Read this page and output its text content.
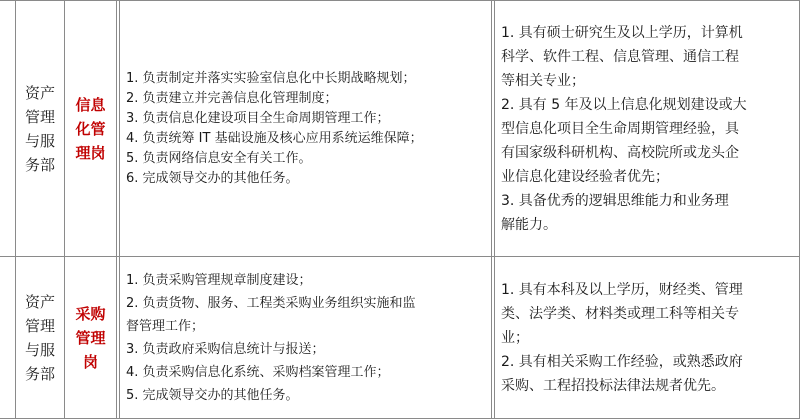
资产
管理
与服
务部
信息
化管
理岗
1. 负责制定并落实实验室信息化中长期战略规划；
2. 负责建立并完善信息化管理制度；
3. 负责信息化建设项目全生命周期管理工作；
4. 负责统筹 IT 基础设施及核心应用系统运维保障；
5. 负责网络信息安全有关工作。
6. 完成领导交办的其他任务。
1. 具有硕士研究生及以上学历，计算机
科学、软件工程、信息管理、通信工程
等相关专业；
2. 具有 5 年及以上信息化规划建设或大
型信息化项目全生命周期管理经验，具
有国家级科研机构、高校院所或龙头企
业信息化建设经验者优先；
3. 具备优秀的逻辑思维能力和业务理
解能力。
资产
管理
与服
务部
采购
管理
岗
1. 负责采购管理规章制度建设；
2. 负责货物、服务、工程类采购业务组织实施和监
督管理工作；
3. 负责政府采购信息统计与报送；
4. 负责采购信息化系统、采购档案管理工作；
5. 完成领导交办的其他任务。
1. 具有本科及以上学历，财经类、管理
类、法学类、材料类或理工科等相关专
业；
2. 具有相关采购工作经验，或熟悉政府
采购、工程招投标法律法规者优先。
